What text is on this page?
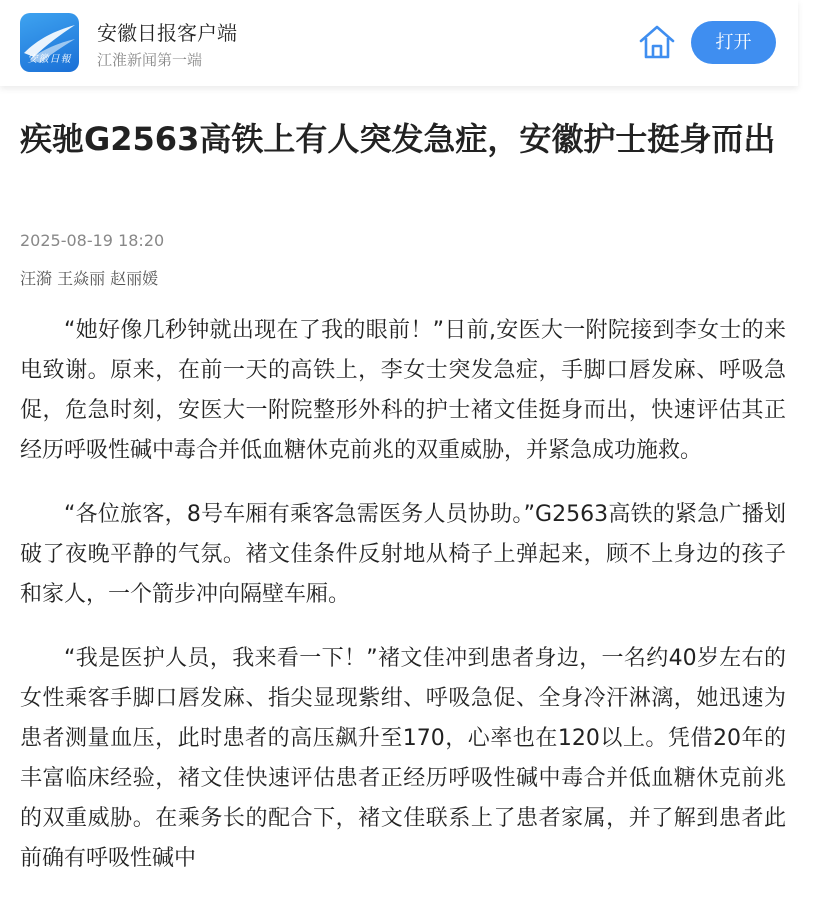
安徽日報
安徽日报客户端
江淮新闻第一端
打开
疾驰G2563高铁上有人突发急症，安徽护士挺身而出
2025-08-19 18:20
汪漪 王焱丽 赵丽媛

“她好像几秒钟就出现在了我的眼前！”日前,安医大一附院接到李女士的来电致谢。原来，在前一天的高铁上，李女士突发急症，手脚口唇发麻、呼吸急促，危急时刻，安医大一附院整形外科的护士褚文佳挺身而出，快速评估其正经历呼吸性碱中毒合并低血糖休克前兆的双重威胁，并紧急成功施救。

“各位旅客，8号车厢有乘客急需医务人员协助。”G2563高铁的紧急广播划破了夜晚平静的气氛。褚文佳条件反射地从椅子上弹起来，顾不上身边的孩子和家人，一个箭步冲向隔壁车厢。

“我是医护人员，我来看一下！”褚文佳冲到患者身边，一名约40岁左右的女性乘客手脚口唇发麻、指尖显现紫绀、呼吸急促、全身冷汗淋漓，她迅速为患者测量血压，此时患者的高压飙升至170，心率也在120以上。凭借20年的丰富临床经验，褚文佳快速评估患者正经历呼吸性碱中毒合并低血糖休克前兆的双重威胁。在乘务长的配合下，褚文佳联系上了患者家属，并了解到患者此前确有呼吸性碱中
